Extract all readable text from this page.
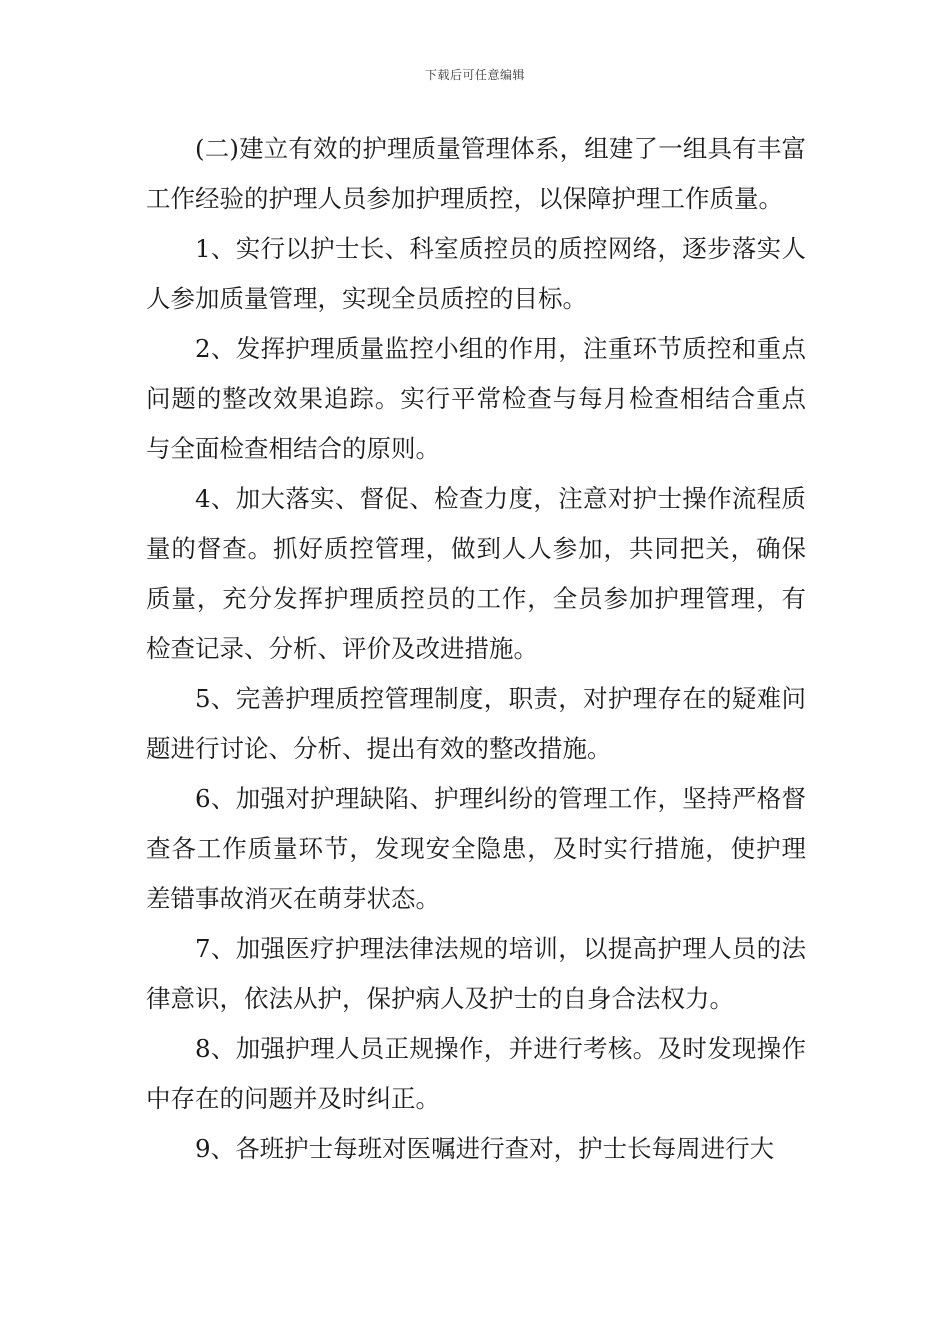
下载后可任意编辑

(二)建立有效的护理质量管理体系，组建了一组具有丰富工作经验的护理人员参加护理质控，以保障护理工作质量。

1、实行以护士长、科室质控员的质控网络，逐步落实人人参加质量管理，实现全员质控的目标。

2、发挥护理质量监控小组的作用，注重环节质控和重点问题的整改效果追踪。实行平常检查与每月检查相结合重点与全面检查相结合的原则。

4、加大落实、督促、检查力度，注意对护士操作流程质量的督查。抓好质控管理，做到人人参加，共同把关，确保质量，充分发挥护理质控员的工作，全员参加护理管理，有检查记录、分析、评价及改进措施。

5、完善护理质控管理制度，职责，对护理存在的疑难问题进行讨论、分析、提出有效的整改措施。

6、加强对护理缺陷、护理纠纷的管理工作，坚持严格督查各工作质量环节，发现安全隐患，及时实行措施，使护理差错事故消灭在萌芽状态。

7、加强医疗护理法律法规的培训，以提高护理人员的法律意识，依法从护，保护病人及护士的自身合法权力。

8、加强护理人员正规操作，并进行考核。及时发现操作中存在的问题并及时纠正。

9、各班护士每班对医嘱进行查对，护士长每周进行大
